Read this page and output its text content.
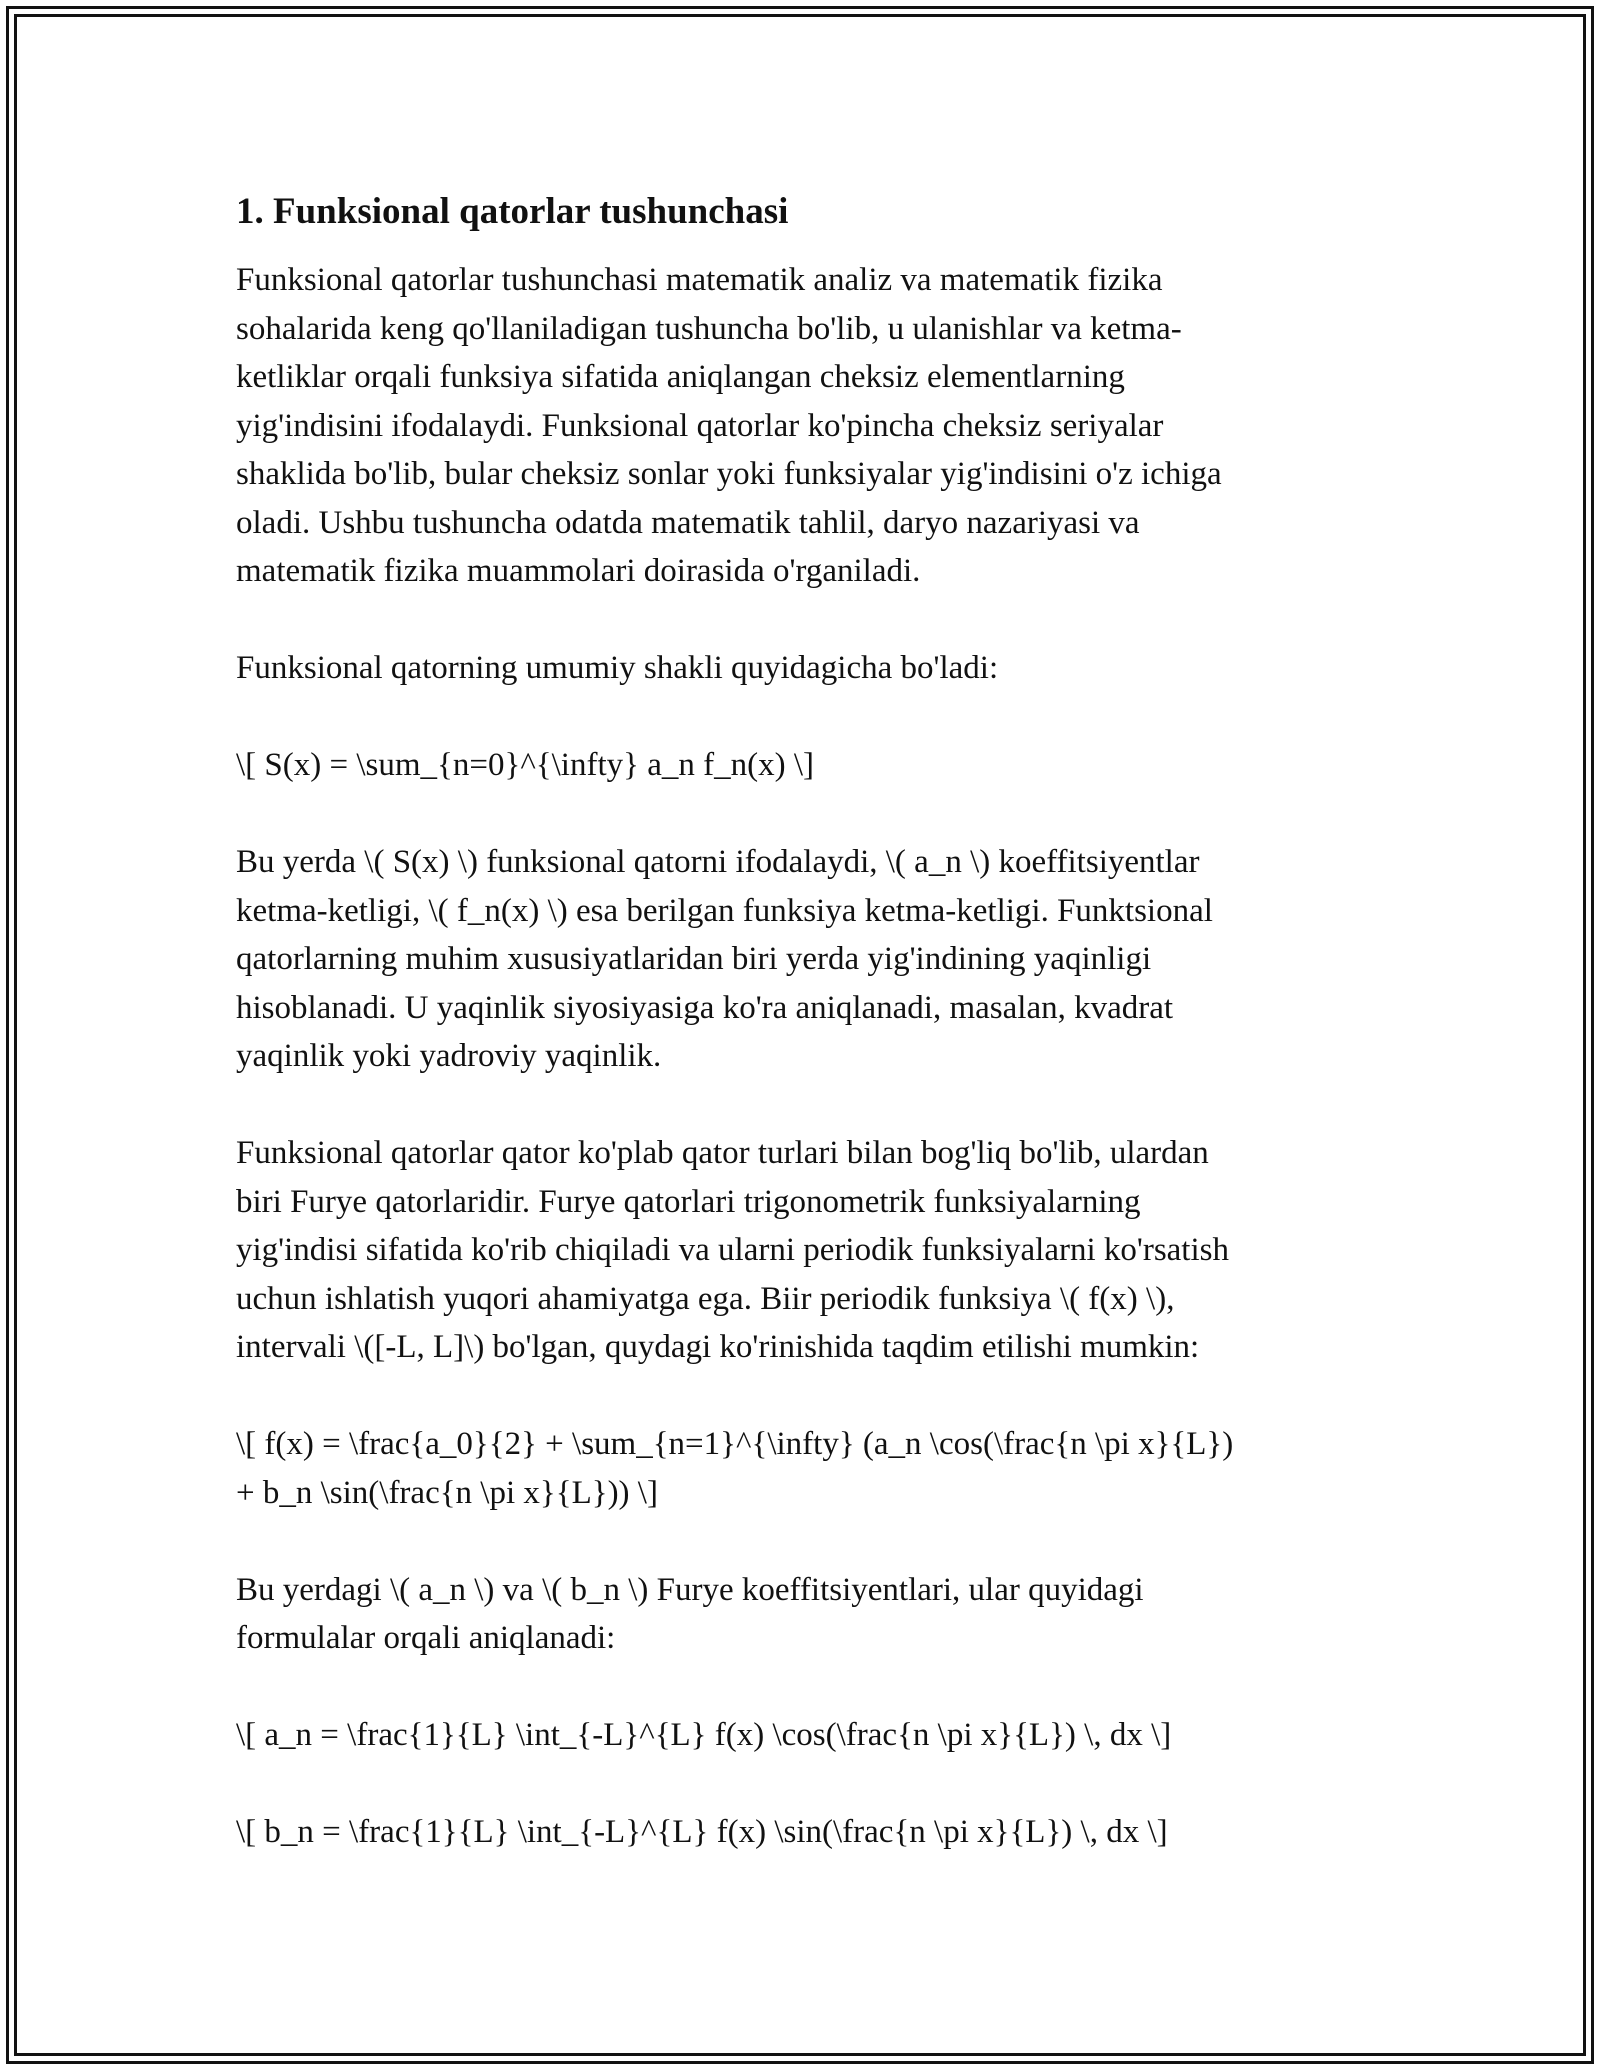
1. Funksional qatorlar tushunchasi

Funksional qatorlar tushunchasi matematik analiz va matematik fizika
sohalarida keng qo'llaniladigan tushuncha bo'lib, u ulanishlar va ketma-
ketliklar orqali funksiya sifatida aniqlangan cheksiz elementlarning
yig'indisini ifodalaydi. Funksional qatorlar ko'pincha cheksiz seriyalar
shaklida bo'lib, bular cheksiz sonlar yoki funksiyalar yig'indisini o'z ichiga
oladi. Ushbu tushuncha odatda matematik tahlil, daryo nazariyasi va
matematik fizika muammolari doirasida o'rganiladi.

Funksional qatorning umumiy shakli quyidagicha bo'ladi:

\[ S(x) = \sum_{n=0}^{\infty} a_n f_n(x) \]

Bu yerda \( S(x) \) funksional qatorni ifodalaydi, \( a_n \) koeffitsiyentlar
ketma-ketligi, \( f_n(x) \) esa berilgan funksiya ketma-ketligi. Funktsional
qatorlarning muhim xususiyatlaridan biri yerda yig'indining yaqinligi
hisoblanadi. U yaqinlik siyosiyasiga ko'ra aniqlanadi, masalan, kvadrat
yaqinlik yoki yadroviy yaqinlik.

Funksional qatorlar qator ko'plab qator turlari bilan bog'liq bo'lib, ulardan
biri Furye qatorlaridir. Furye qatorlari trigonometrik funksiyalarning
yig'indisi sifatida ko'rib chiqiladi va ularni periodik funksiyalarni ko'rsatish
uchun ishlatish yuqori ahamiyatga ega. Biir periodik funksiya \( f(x) \),
intervali \([-L, L]\) bo'lgan, quydagi ko'rinishida taqdim etilishi mumkin:

\[ f(x) = \frac{a_0}{2} + \sum_{n=1}^{\infty} (a_n \cos(\frac{n \pi x}{L})
+ b_n \sin(\frac{n \pi x}{L})) \]

Bu yerdagi \( a_n \) va \( b_n \) Furye koeffitsiyentlari, ular quyidagi
formulalar orqali aniqlanadi:

\[ a_n = \frac{1}{L} \int_{-L}^{L} f(x) \cos(\frac{n \pi x}{L}) \, dx \]

\[ b_n = \frac{1}{L} \int_{-L}^{L} f(x) \sin(\frac{n \pi x}{L}) \, dx \]
